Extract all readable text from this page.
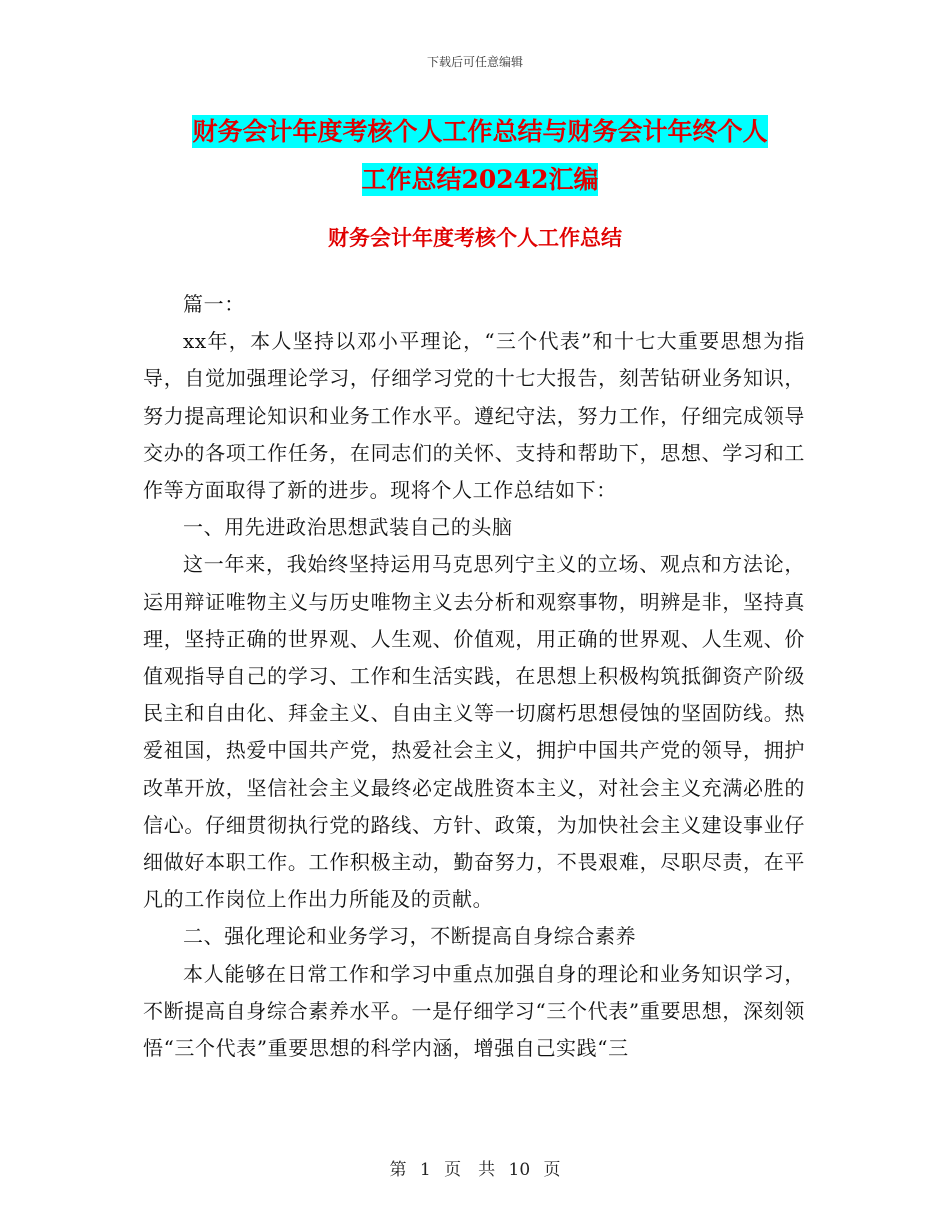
下载后可任意编辑
财务会计年度考核个人工作总结与财务会计年终个人
工作总结20242汇编
财务会计年度考核个人工作总结

篇一：

xx年，本人坚持以邓小平理论，“三个代表”和十七大重要思想为指导，自觉加强理论学习，仔细学习党的十七大报告，刻苦钻研业务知识，努力提高理论知识和业务工作水平。遵纪守法，努力工作，仔细完成领导交办的各项工作任务，在同志们的关怀、支持和帮助下，思想、学习和工作等方面取得了新的进步。现将个人工作总结如下：

一、用先进政治思想武装自己的头脑

这一年来，我始终坚持运用马克思列宁主义的立场、观点和方法论，运用辩证唯物主义与历史唯物主义去分析和观察事物，明辨是非，坚持真理，坚持正确的世界观、人生观、价值观，用正确的世界观、人生观、价值观指导自己的学习、工作和生活实践，在思想上积极构筑抵御资产阶级民主和自由化、拜金主义、自由主义等一切腐朽思想侵蚀的坚固防线。热爱祖国，热爱中国共产党，热爱社会主义，拥护中国共产党的领导，拥护改革开放，坚信社会主义最终必定战胜资本主义，对社会主义充满必胜的信心。仔细贯彻执行党的路线、方针、政策，为加快社会主义建设事业仔细做好本职工作。工作积极主动，勤奋努力，不畏艰难，尽职尽责，在平凡的工作岗位上作出力所能及的贡献。

二、强化理论和业务学习，不断提高自身综合素养

本人能够在日常工作和学习中重点加强自身的理论和业务知识学习，不断提高自身综合素养水平。一是仔细学习“三个代表”重要思想，深刻领悟“三个代表”重要思想的科学内涵，增强自己实践“三

第 1 页　共 10 页
